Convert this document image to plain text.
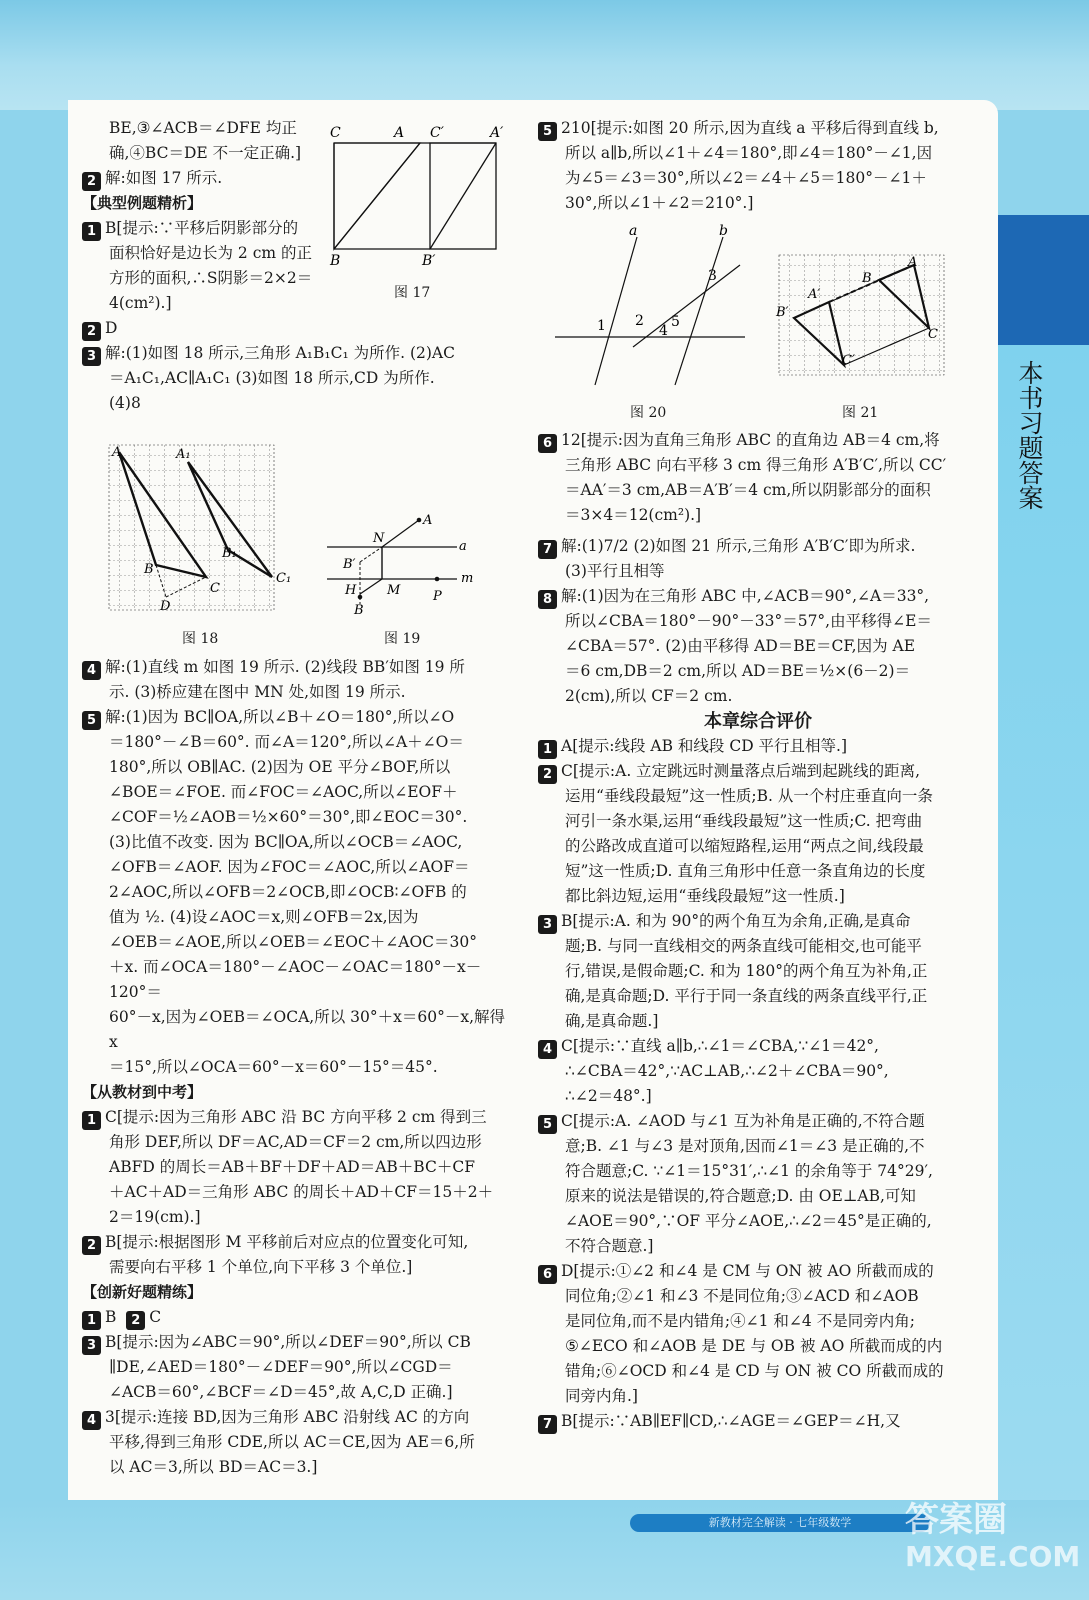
本书习题答案

BE,③∠ACB＝∠DFE 均正

确,④BC＝DE 不一定正确.]

2 解:如图 17 所示.

【典型例题精析】

1 B[提示:∵平移后阴影部分的

面积恰好是边长为 2 cm 的正

方形的面积,∴S阴影＝2×2＝

4(cm²).]

2 D

3 解:(1)如图 18 所示,三角形 A₁B₁C₁ 为所作. (2)AC

＝A₁C₁,AC∥A₁C₁ (3)如图 18 所示,CD 为所作.

(4)8

4 解:(1)直线 m 如图 19 所示. (2)线段 BB′如图 19 所

示. (3)桥应建在图中 MN 处,如图 19 所示.

5 解:(1)因为 BC∥OA,所以∠B＋∠O＝180°,所以∠O

＝180°－∠B＝60°. 而∠A＝120°,所以∠A＋∠O＝

180°,所以 OB∥AC. (2)因为 OE 平分∠BOF,所以

∠BOE＝∠FOE. 而∠FOC＝∠AOC,所以∠EOF＋

∠COF＝½∠AOB＝½×60°＝30°,即∠EOC＝30°.

(3)比值不改变. 因为 BC∥OA,所以∠OCB＝∠AOC,

∠OFB＝∠AOF. 因为∠FOC＝∠AOC,所以∠AOF＝

2∠AOC,所以∠OFB＝2∠OCB,即∠OCB∶∠OFB 的

值为 ½. (4)设∠AOC＝x,则∠OFB＝2x,因为

∠OEB＝∠AOE,所以∠OEB＝∠EOC＋∠AOC＝30°

＋x. 而∠OCA＝180°－∠AOC－∠OAC＝180°－x－120°＝

60°－x,因为∠OEB＝∠OCA,所以 30°＋x＝60°－x,解得 x

＝15°,所以∠OCA＝60°－x＝60°－15°＝45°.

【从教材到中考】

1 C[提示:因为三角形 ABC 沿 BC 方向平移 2 cm 得到三

角形 DEF,所以 DF＝AC,AD＝CF＝2 cm,所以四边形

ABFD 的周长＝AB＋BF＋DF＋AD＝AB＋BC＋CF

＋AC＋AD＝三角形 ABC 的周长＋AD＋CF＝15＋2＋

2＝19(cm).]

2 B[提示:根据图形 M 平移前后对应点的位置变化可知,

需要向右平移 1 个单位,向下平移 3 个单位.]

【创新好题精练】

1 B 2 C

3 B[提示:因为∠ABC＝90°,所以∠DEF＝90°,所以 CB

∥DE,∠AED＝180°－∠DEF＝90°,所以∠CGD＝

∠ACB＝60°,∠BCF＝∠D＝45°,故 A,C,D 正确.]

4 3[提示:连接 BD,因为三角形 ABC 沿射线 AC 的方向

平移,得到三角形 CDE,所以 AC＝CE,因为 AE＝6,所

以 AC＝3,所以 BD＝AC＝3.]

C	A C′	A′
B	B′
图 17
A	A₁
B
B₁
C
C₁
D
图 18
A
N
a
B′
m
H M	P
B
图 19

5 210[提示:如图 20 所示,因为直线 a 平移后得到直线 b,

所以 a∥b,所以∠1＋∠4＝180°,即∠4＝180°－∠1,因

为∠5＝∠3＝30°,所以∠2＝∠4＋∠5＝180°－∠1＋

30°,所以∠1＋∠2＝210°.]

a	b
1 2
3
4
5
图 20
B
A
C
A′
B′
C′
图 21

6 12[提示:因为直角三角形 ABC 的直角边 AB＝4 cm,将

三角形 ABC 向右平移 3 cm 得三角形 A′B′C′,所以 CC′

＝AA′＝3 cm,AB＝A′B′＝4 cm,所以阴影部分的面积

＝3×4＝12(cm²).]

7 解:(1)7/2 (2)如图 21 所示,三角形 A′B′C′即为所求.

(3)平行且相等

8 解:(1)因为在三角形 ABC 中,∠ACB＝90°,∠A＝33°,

所以∠CBA＝180°－90°－33°＝57°,由平移得∠E＝

∠CBA＝57°. (2)由平移得 AD＝BE＝CF,因为 AE

＝6 cm,DB＝2 cm,所以 AD＝BE＝½×(6－2)＝

2(cm),所以 CF＝2 cm.

本章综合评价

1 A[提示:线段 AB 和线段 CD 平行且相等.]

2 C[提示:A. 立定跳远时测量落点后端到起跳线的距离,

运用“垂线段最短”这一性质;B. 从一个村庄垂直向一条

河引一条水渠,运用“垂线段最短”这一性质;C. 把弯曲

的公路改成直道可以缩短路程,运用“两点之间,线段最

短”这一性质;D. 直角三角形中任意一条直角边的长度

都比斜边短,运用“垂线段最短”这一性质.]

3 B[提示:A. 和为 90°的两个角互为余角,正确,是真命

题;B. 与同一直线相交的两条直线可能相交,也可能平

行,错误,是假命题;C. 和为 180°的两个角互为补角,正

确,是真命题;D. 平行于同一条直线的两条直线平行,正

确,是真命题.]

4 C[提示:∵直线 a∥b,∴∠1＝∠CBA,∵∠1＝42°,

∴∠CBA＝42°,∵AC⊥AB,∴∠2＋∠CBA＝90°,

∴∠2＝48°.]

5 C[提示:A. ∠AOD 与∠1 互为补角是正确的,不符合题

意;B. ∠1 与∠3 是对顶角,因而∠1＝∠3 是正确的,不

符合题意;C. ∵∠1＝15°31′,∴∠1 的余角等于 74°29′,

原来的说法是错误的,符合题意;D. 由 OE⊥AB,可知

∠AOE＝90°,∵OF 平分∠AOE,∴∠2＝45°是正确的,

不符合题意.]

6 D[提示:①∠2 和∠4 是 CM 与 ON 被 AO 所截而成的

同位角;②∠1 和∠3 不是同位角;③∠ACD 和∠AOB

是同位角,而不是内错角;④∠1 和∠4 不是同旁内角;

⑤∠ECO 和∠AOB 是 DE 与 OB 被 AO 所截而成的内

错角;⑥∠OCD 和∠4 是 CD 与 ON 被 CO 所截而成的

同旁内角.]

7 B[提示:∵AB∥EF∥CD,∴∠AGE＝∠GEP＝∠H,又

新教材完全解读 · 七年级数学	答案圈
MXQE.COM
